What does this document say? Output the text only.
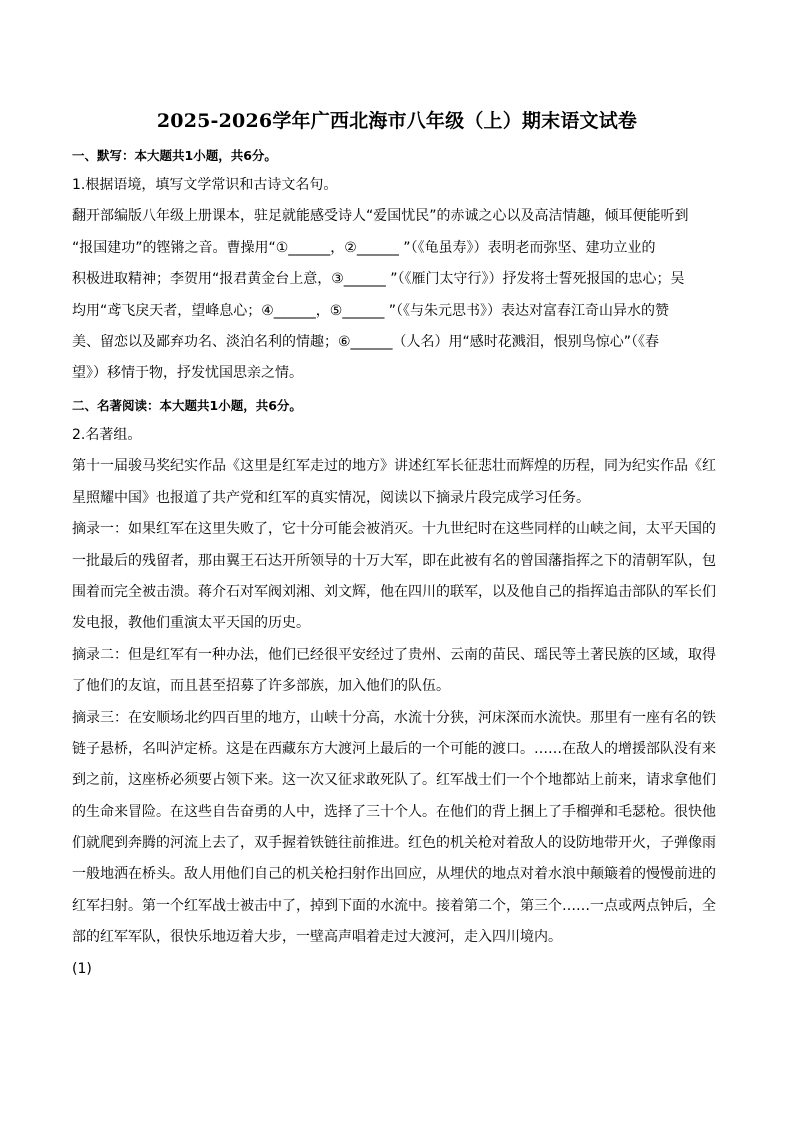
2025-2026学年广西北海市八年级（上）期末语文试卷
一、默写：本大题共1小题，共6分。
1.根据语境，填写文学常识和古诗文名句。
翻开部编版八年级上册课本，驻足就能感受诗人“爱国忧民”的赤诚之心以及高洁情趣，倾耳便能听到
“报国建功”的铿锵之音。曹操用“①______，②______ ”（《龟虽寿》）表明老而弥坚、建功立业的
积极进取精神；李贺用“报君黄金台上意，③______ ”（《雁门太守行》）抒发将士誓死报国的忠心；吴
均用“鸢飞戾天者，望峰息心；④______，⑤______ ”（《与朱元思书》）表达对富春江奇山异水的赞
美、留恋以及鄙弃功名、淡泊名利的情趣；⑥______（人名）用“感时花溅泪，恨别鸟惊心”（《春
望》）移情于物，抒发忧国思亲之情。
二、名著阅读：本大题共1小题，共6分。
2.名著组。
第十一届骏马奖纪实作品《这里是红军走过的地方》讲述红军长征悲壮而辉煌的历程，同为纪实作品《红
星照耀中国》也报道了共产党和红军的真实情况，阅读以下摘录片段完成学习任务。
摘录一：如果红军在这里失败了，它十分可能会被消灭。十九世纪时在这些同样的山峡之间，太平天国的
一批最后的残留者，那由翼王石达开所领导的十万大军，即在此被有名的曾国藩指挥之下的清朝军队，包
围着而完全被击溃。蒋介石对军阀刘湘、刘文辉，他在四川的联军，以及他自己的指挥追击部队的军长们
发电报，教他们重演太平天国的历史。
摘录二：但是红军有一种办法，他们已经很平安经过了贵州、云南的苗民、瑶民等土著民族的区域，取得
了他们的友谊，而且甚至招募了许多部族，加入他们的队伍。
摘录三：在安顺场北约四百里的地方，山峡十分高，水流十分狭，河床深而水流快。那里有一座有名的铁
链子悬桥，名叫泸定桥。这是在西藏东方大渡河上最后的一个可能的渡口。……在敌人的增援部队没有来
到之前，这座桥必须要占领下来。这一次又征求敢死队了。红军战士们一个个地都站上前来，请求拿他们
的生命来冒险。在这些自告奋勇的人中，选择了三十个人。在他们的背上捆上了手榴弹和毛瑟枪。很快他
们就爬到奔腾的河流上去了，双手握着铁链往前推进。红色的机关枪对着敌人的设防地带开火，子弹像雨
一般地洒在桥头。敌人用他们自己的机关枪扫射作出回应，从埋伏的地点对着水浪中颠簸着的慢慢前进的
红军扫射。第一个红军战士被击中了，掉到下面的水流中。接着第二个，第三个……一点或两点钟后，全
部的红军军队，很快乐地迈着大步，一壁高声唱着走过大渡河，走入四川境内。
(1)
